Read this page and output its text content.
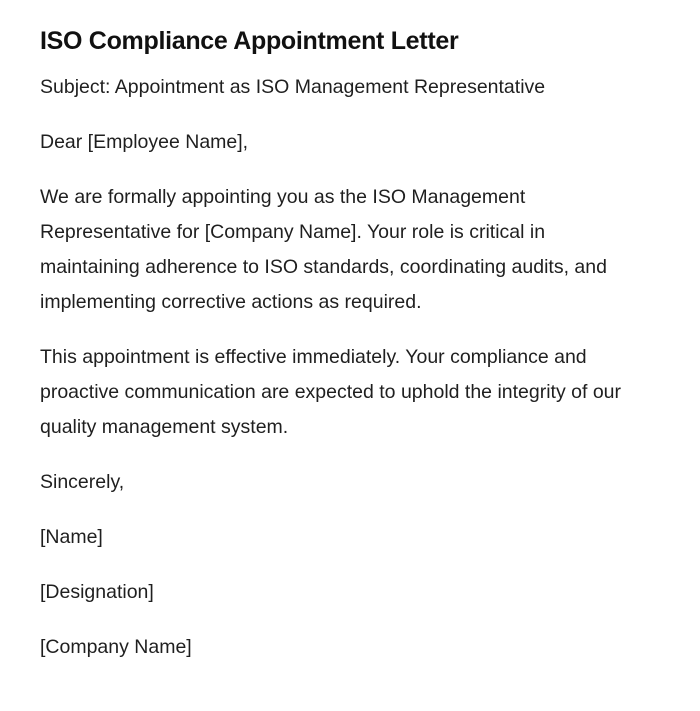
ISO Compliance Appointment Letter

Subject: Appointment as ISO Management Representative

Dear [Employee Name],

We are formally appointing you as the ISO Management Representative for [Company Name]. Your role is critical in maintaining adherence to ISO standards, coordinating audits, and implementing corrective actions as required.

This appointment is effective immediately. Your compliance and proactive communication are expected to uphold the integrity of our quality management system.

Sincerely,

[Name]

[Designation]

[Company Name]
